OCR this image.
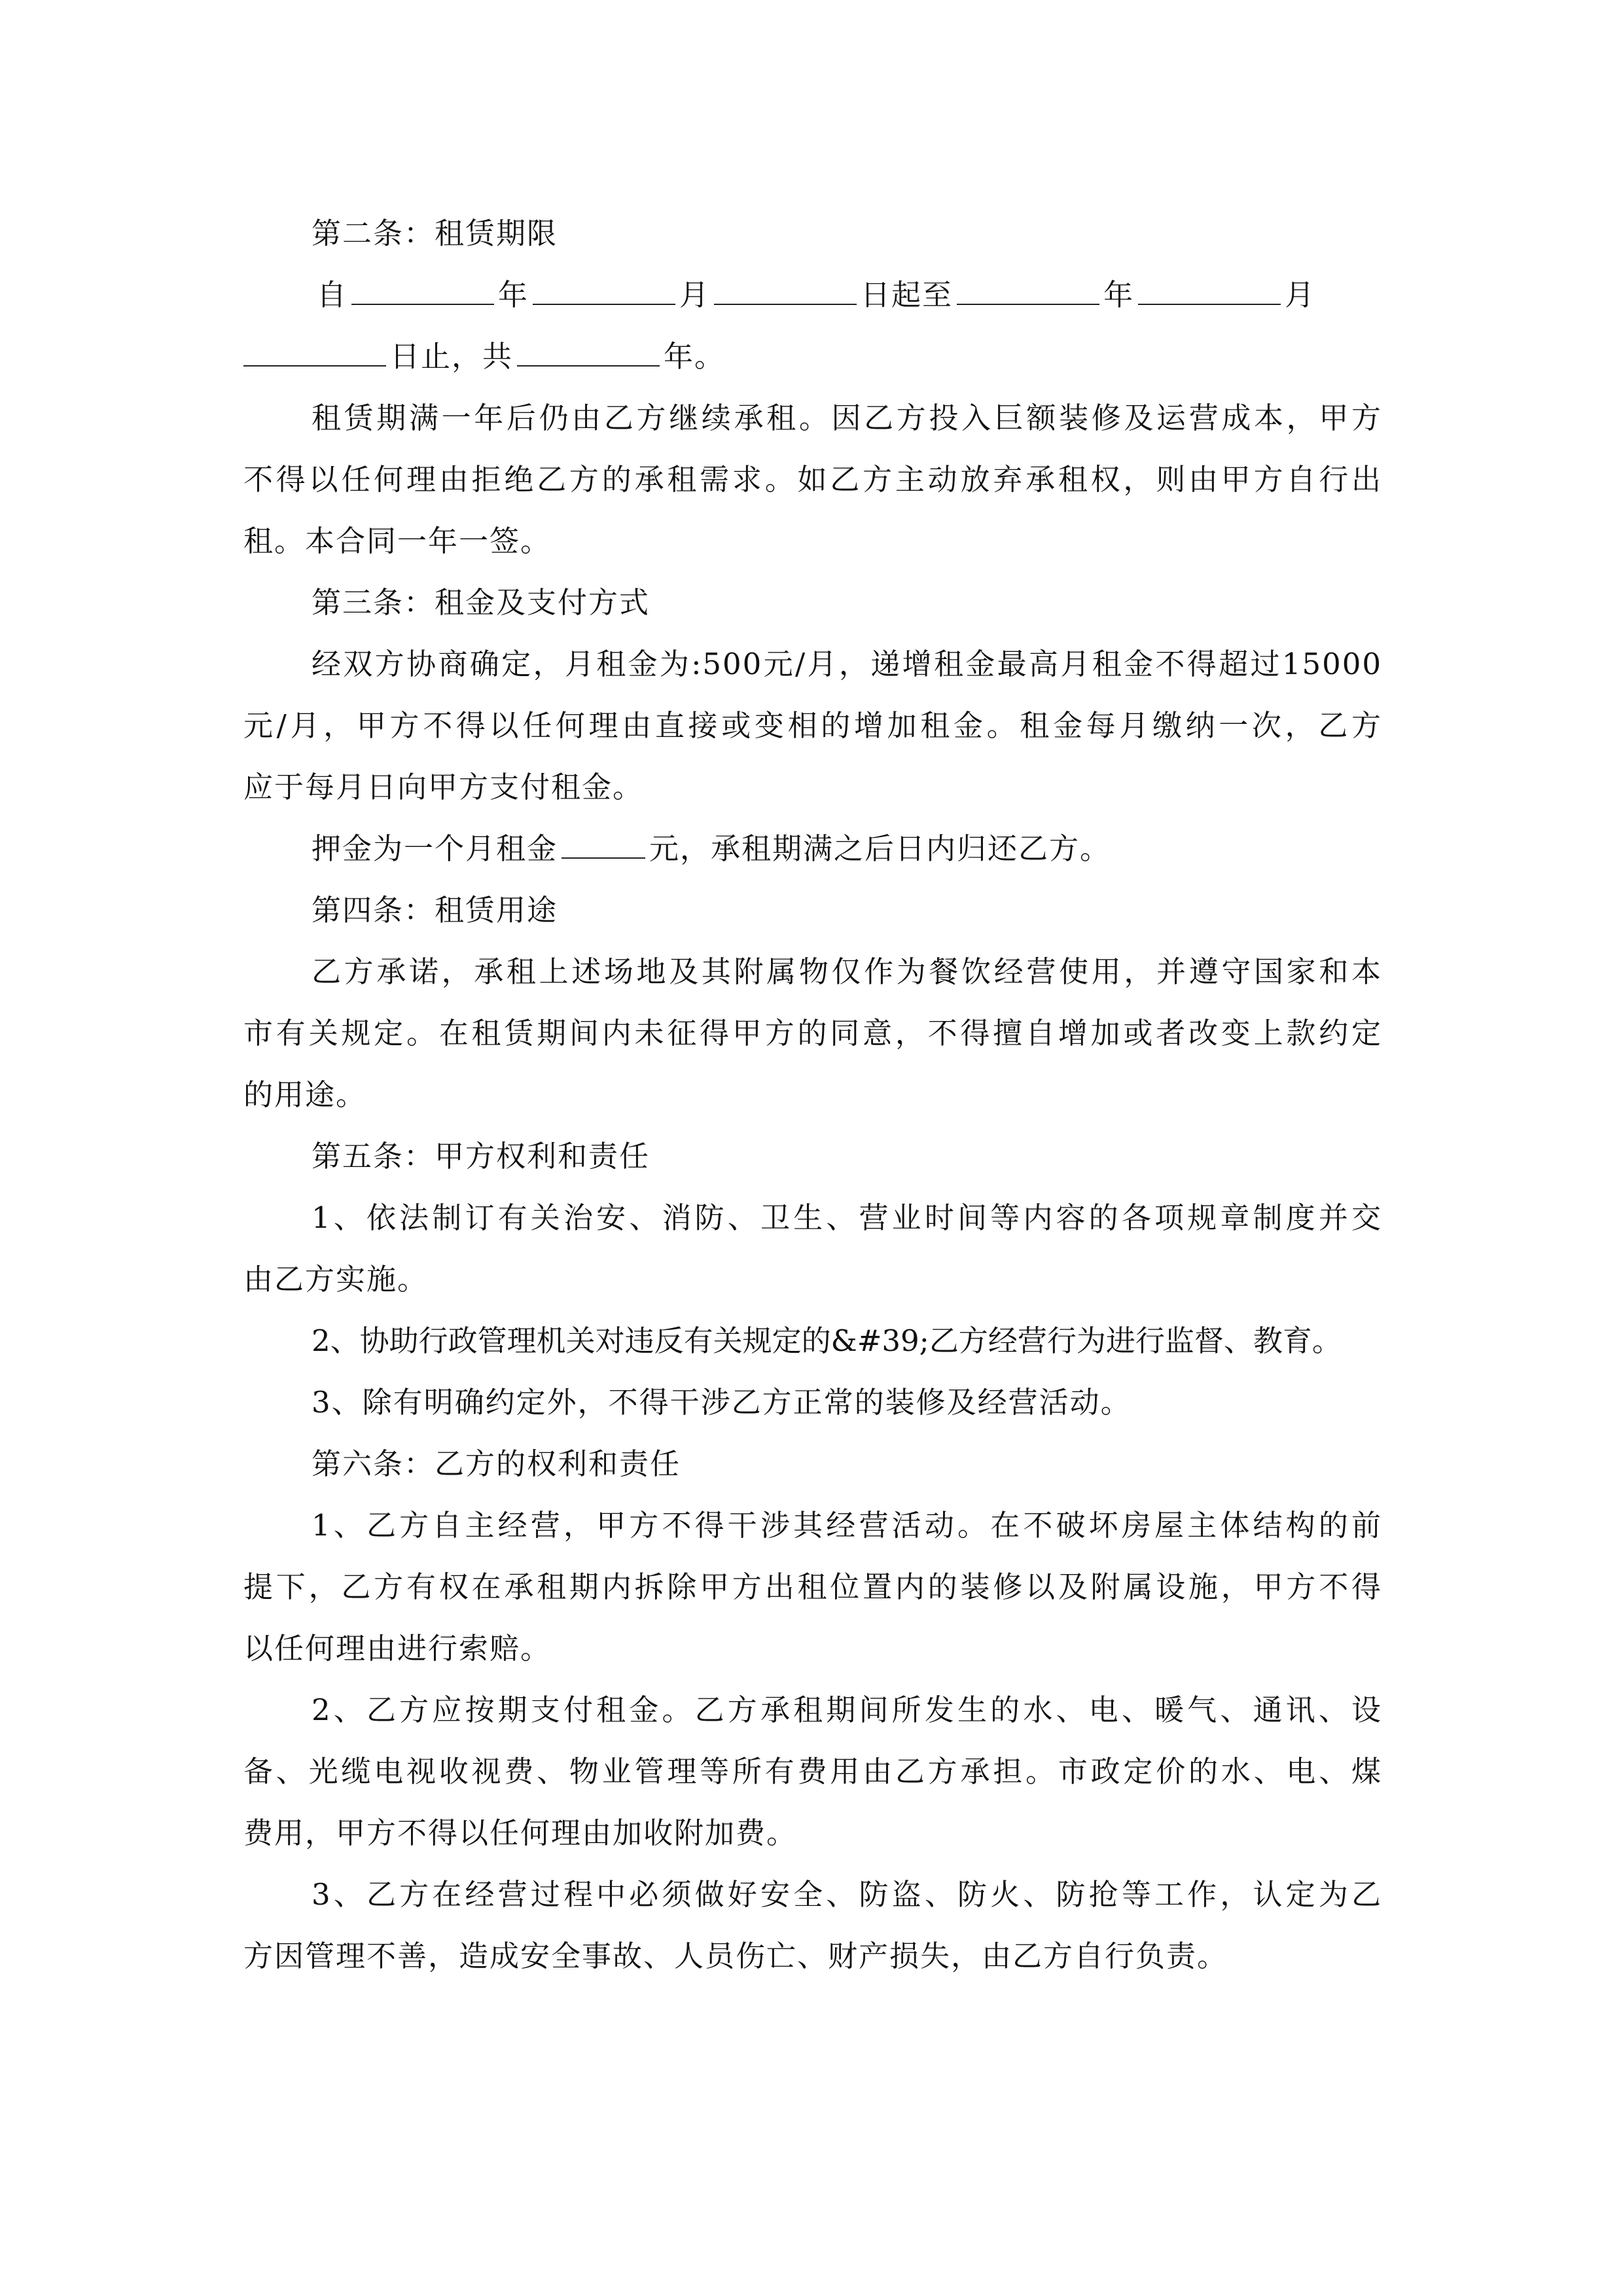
第二条：租赁期限
自	年	月	日起至	年	月
日止，共	年。
租赁期满一年后仍由乙方继续承租。因乙方投入巨额装修及运营成本，甲方
不得以任何理由拒绝乙方的承租需求。如乙方主动放弃承租权，则由甲方自行出
租。本合同一年一签。
第三条：租金及支付方式
经双方协商确定，月租金为:500元/月，递增租金最高月租金不得超过15000
元/月，甲方不得以任何理由直接或变相的增加租金。租金每月缴纳一次，乙方
应于每月日向甲方支付租金。
押金为一个月租金	元，承租期满之后日内归还乙方。
第四条：租赁用途
乙方承诺，承租上述场地及其附属物仅作为餐饮经营使用，并遵守国家和本
市有关规定。在租赁期间内未征得甲方的同意，不得擅自增加或者改变上款约定
的用途。
第五条：甲方权利和责任
1、依法制订有关治安、消防、卫生、营业时间等内容的各项规章制度并交
由乙方实施。
2、协助行政管理机关对违反有关规定的&#39;乙方经营行为进行监督、教育。
3、除有明确约定外，不得干涉乙方正常的装修及经营活动。
第六条：乙方的权利和责任
1、乙方自主经营，甲方不得干涉其经营活动。在不破坏房屋主体结构的前
提下，乙方有权在承租期内拆除甲方出租位置内的装修以及附属设施，甲方不得
以任何理由进行索赔。
2、乙方应按期支付租金。乙方承租期间所发生的水、电、暖气、通讯、设
备、光缆电视收视费、物业管理等所有费用由乙方承担。市政定价的水、电、煤
费用，甲方不得以任何理由加收附加费。
3、乙方在经营过程中必须做好安全、防盗、防火、防抢等工作，认定为乙
方因管理不善，造成安全事故、人员伤亡、财产损失，由乙方自行负责。
